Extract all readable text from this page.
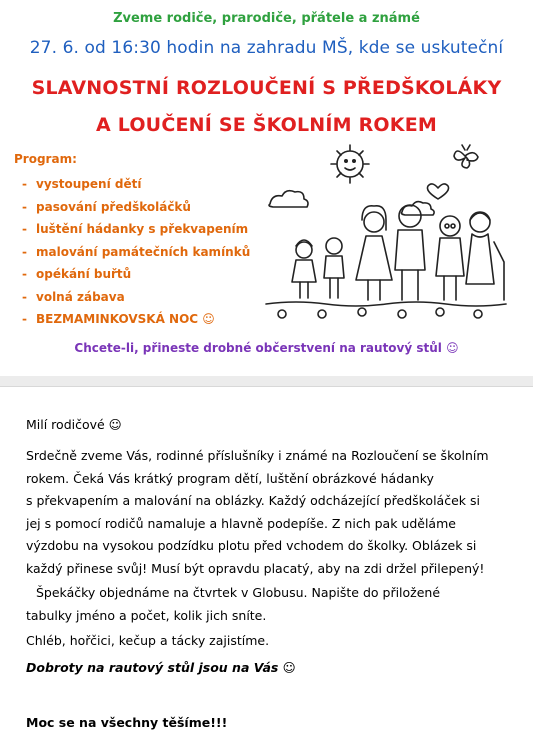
Zveme rodiče, prarodiče, přátele a známé
27. 6. od 16:30 hodin na zahradu MŠ, kde se uskuteční
SLAVNOSTNÍ ROZLOUČENÍ S PŘEDŠKOLÁKY
A LOUČENÍ SE ŠKOLNÍM ROKEM
Program:
- vystoupení dětí
- pasování předškoláčků
- luštění hádanky s překvapením
- malování památečních kamínků
- opékání buřtů
- volná zábava
- BEZMAMINKOVSKÁ NOC ☺
Chcete-li, přineste drobné občerstvení na rautový stůl ☺
Milí rodičové ☺
Srdečně zveme Vás, rodinné příslušníky i známé na Rozloučení se školním
rokem. Čeká Vás krátký program dětí, luštění obrázkové hádanky
s překvapením a malování na oblázky. Každý odcházející předškoláček si
jej s pomocí rodičů namaluje a hlavně podepíše. Z nich pak uděláme
výzdobu na vysokou podzídku plotu před vchodem do školky. Oblázek si
každý přinese svůj! Musí být opravdu placatý, aby na zdi držel přilepený!
Špekáčky objednáme na čtvrtek v Globusu. Napište do přiložené
tabulky jméno a počet, kolik jich sníte.
Chléb, hořčici, kečup a tácky zajistíme.
Dobroty na rautový stůl jsou na Vás ☺
Moc se na všechny těšíme!!!
